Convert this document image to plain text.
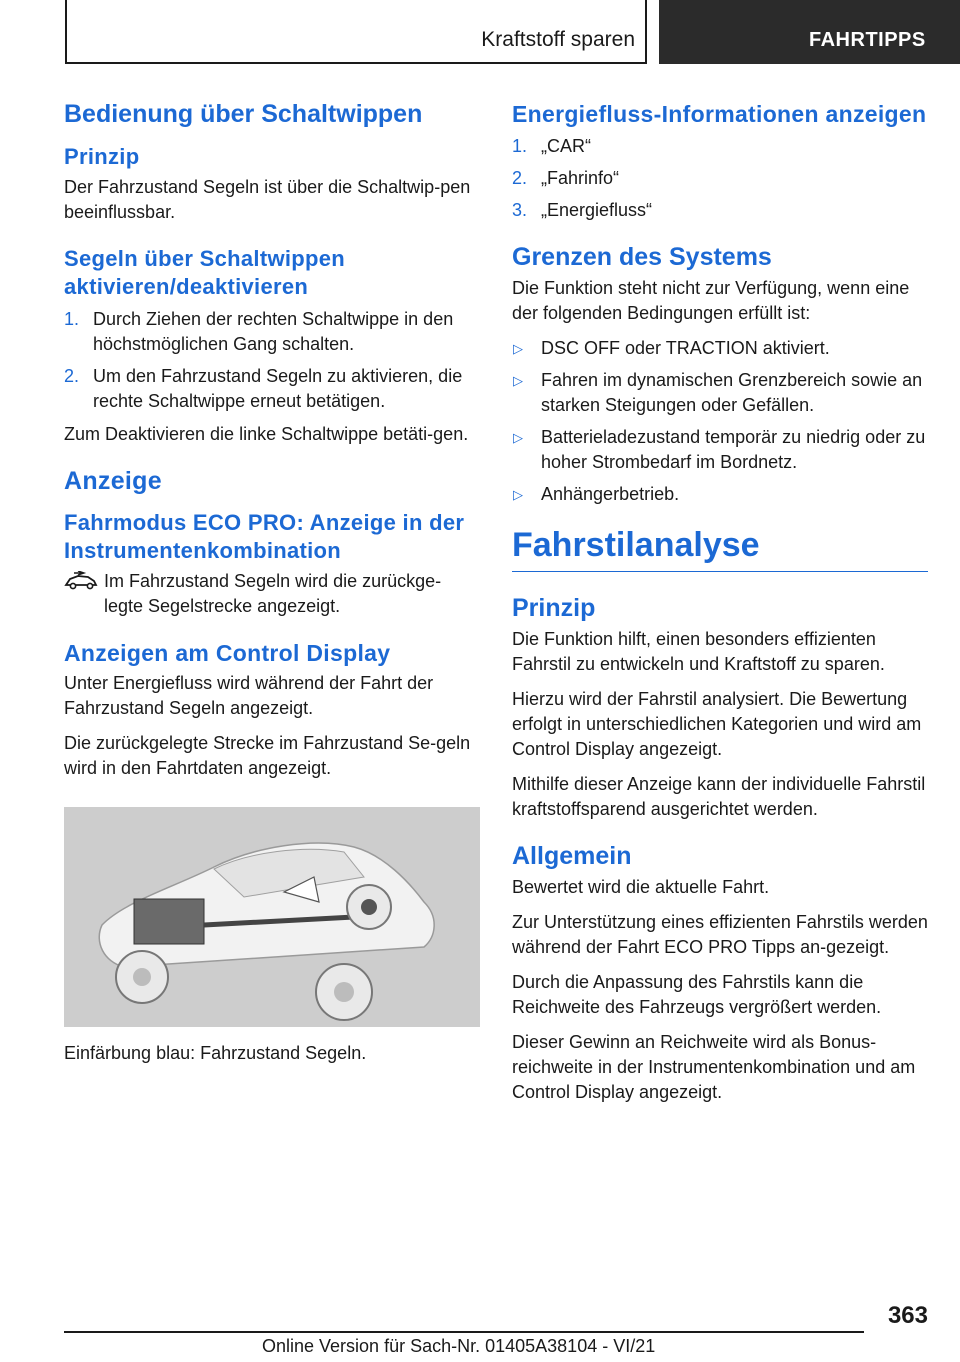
Kraftstoff sparen	FAHRTIPPS
Bedienung über Schaltwippen
Prinzip

Der Fahrzustand Segeln ist über die Schaltwip-pen beeinflussbar.

Segeln über Schaltwippen aktivieren/deaktivieren
1. Durch Ziehen der rechten Schaltwippe in den höchstmöglichen Gang schalten.
2. Um den Fahrzustand Segeln zu aktivieren, die rechte Schaltwippe erneut betätigen.

Zum Deaktivieren die linke Schaltwippe betäti-gen.

Anzeige
Fahrmodus ECO PRO: Anzeige in der Instrumentenkombination

Im Fahrzustand Segeln wird die zurückge-legte Segelstrecke angezeigt.

Anzeigen am Control Display

Unter Energiefluss wird während der Fahrt der Fahrzustand Segeln angezeigt.

Die zurückgelegte Strecke im Fahrzustand Se-geln wird in den Fahrtdaten angezeigt.

Einfärbung blau: Fahrzustand Segeln.

Energiefluss-Informationen anzeigen
1. „CAR“
2. „Fahrinfo“
3. „Energiefluss“
Grenzen des Systems

Die Funktion steht nicht zur Verfügung, wenn eine der folgenden Bedingungen erfüllt ist:

▷ DSC OFF oder TRACTION aktiviert.
▷ Fahren im dynamischen Grenzbereich sowie an starken Steigungen oder Gefällen.
▷ Batterieladezustand temporär zu niedrig oder zu hoher Strombedarf im Bordnetz.
▷ Anhängerbetrieb.
Fahrstilanalyse
Prinzip

Die Funktion hilft, einen besonders effizienten Fahrstil zu entwickeln und Kraftstoff zu sparen.

Hierzu wird der Fahrstil analysiert. Die Bewertung erfolgt in unterschiedlichen Kategorien und wird am Control Display angezeigt.

Mithilfe dieser Anzeige kann der individuelle Fahrstil kraftstoffsparend ausgerichtet werden.

Allgemein

Bewertet wird die aktuelle Fahrt.

Zur Unterstützung eines effizienten Fahrstils werden während der Fahrt ECO PRO Tipps an-gezeigt.

Durch die Anpassung des Fahrstils kann die Reichweite des Fahrzeugs vergrößert werden.

Dieser Gewinn an Reichweite wird als Bonus-reichweite in der Instrumentenkombination und am Control Display angezeigt.

363
Online Version für Sach-Nr. 01405A38104 - VI/21
